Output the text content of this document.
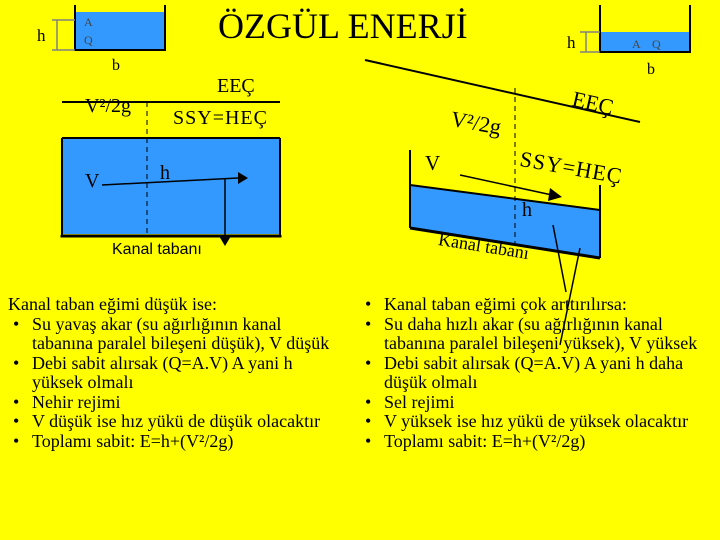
ÖZGÜL ENERJİ
h
A
Q
b
h	A Q
b
V²/2g
EEÇ
SSY=HEÇ
V	h
Kanal tabanı
V²/2g
EEÇ
SSY=HEÇ
V
h
Kanal tabanı
Kanal taban eğimi düşük ise:
• Su yavaş akar (su ağırlığının kanal tabanına paralel bileşeni düşük), V düşük
• Debi sabit alırsak (Q=A.V) A yani h yüksek olmalı
• Nehir rejimi
• V düşük ise hız yükü de düşük olacaktır
• Toplamı sabit: E=h+(V²/2g)
• Kanal taban eğimi çok arttırılırsa:
• Su daha hızlı akar (su ağırlığının kanal tabanına paralel bileşeni yüksek), V yüksek
• Debi sabit alırsak (Q=A.V) A yani h daha düşük olmalı
• Sel rejimi
• V yüksek ise hız yükü de yüksek olacaktır
• Toplamı sabit: E=h+(V²/2g)
